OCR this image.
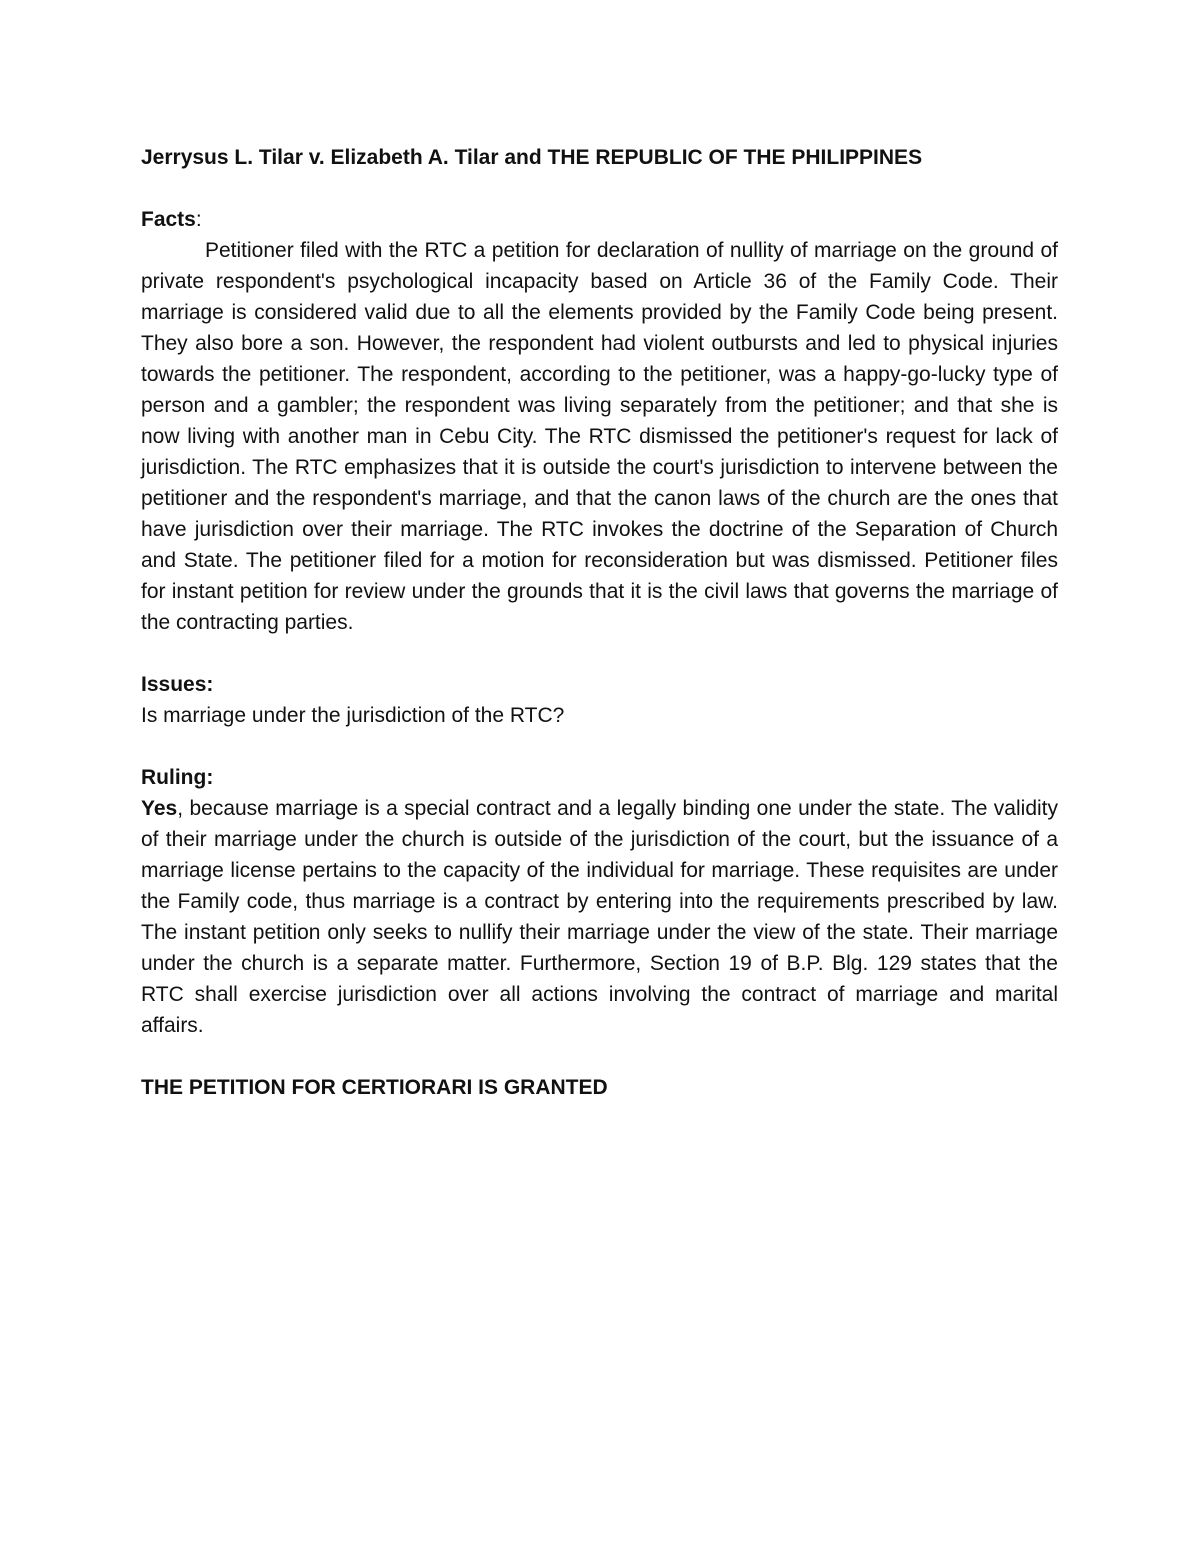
Jerrysus L. Tilar v. Elizabeth A. Tilar and THE REPUBLIC OF THE PHILIPPINES

Facts:

Petitioner filed with the RTC a petition for declaration of nullity of marriage on the ground of private respondent's psychological incapacity based on Article 36 of the Family Code. Their marriage is considered valid due to all the elements provided by the Family Code being present. They also bore a son. However, the respondent had violent outbursts and led to physical injuries towards the petitioner. The respondent, according to the petitioner, was a happy-go-lucky type of person and a gambler; the respondent was living separately from the petitioner; and that she is now living with another man in Cebu City. The RTC dismissed the petitioner's request for lack of jurisdiction. The RTC emphasizes that it is outside the court's jurisdiction to intervene between the petitioner and the respondent's marriage, and that the canon laws of the church are the ones that have jurisdiction over their marriage. The RTC invokes the doctrine of the Separation of Church and State. The petitioner filed for a motion for reconsideration but was dismissed. Petitioner files for instant petition for review under the grounds that it is the civil laws that governs the marriage of the contracting parties.

Issues:

Is marriage under the jurisdiction of the RTC?

Ruling:

Yes, because marriage is a special contract and a legally binding one under the state. The validity of their marriage under the church is outside of the jurisdiction of the court, but the issuance of a marriage license pertains to the capacity of the individual for marriage. These requisites are under the Family code, thus marriage is a contract by entering into the requirements prescribed by law. The instant petition only seeks to nullify their marriage under the view of the state. Their marriage under the church is a separate matter. Furthermore, Section 19 of B.P. Blg. 129 states that the RTC shall exercise jurisdiction over all actions involving the contract of marriage and marital affairs.

THE PETITION FOR CERTIORARI IS GRANTED
